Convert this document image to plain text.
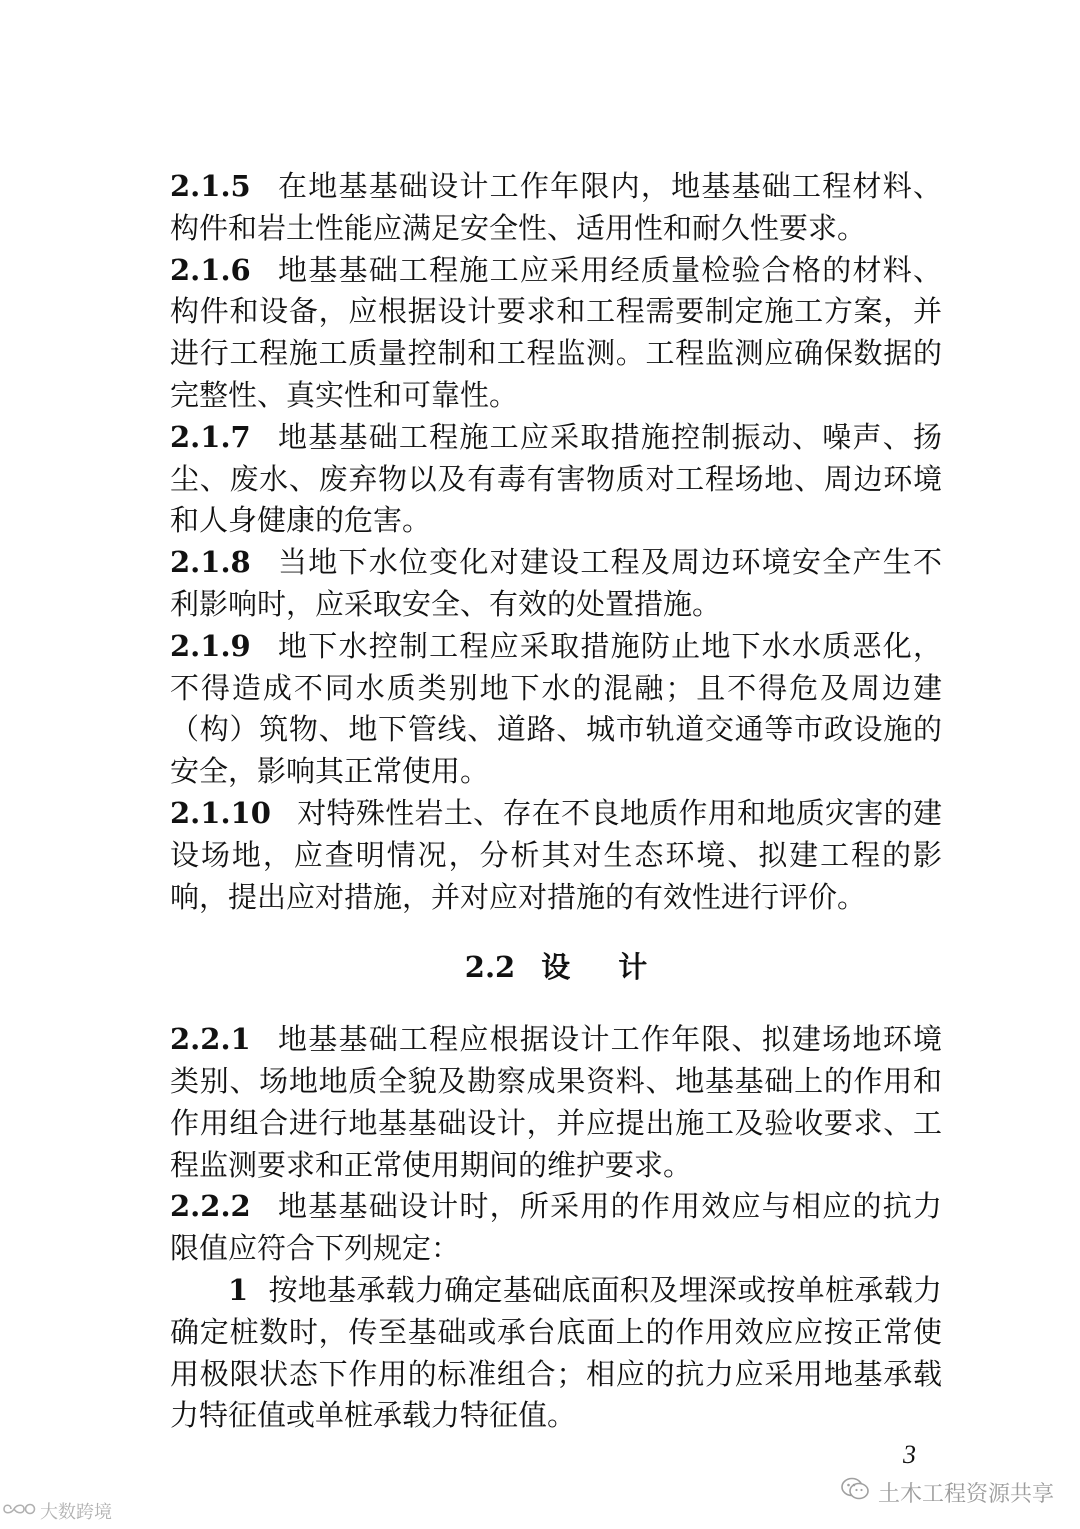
2.1.5 在地基基础设计工作年限内，地基基础工程材料、构件和岩土性能应满足安全性、适用性和耐久性要求。

2.1.6 地基基础工程施工应采用经质量检验合格的材料、构件和设备，应根据设计要求和工程需要制定施工方案，并进行工程施工质量控制和工程监测。工程监测应确保数据的完整性、真实性和可靠性。

2.1.7 地基基础工程施工应采取措施控制振动、噪声、扬尘、废水、废弃物以及有毒有害物质对工程场地、周边环境和人身健康的危害。

2.1.8 当地下水位变化对建设工程及周边环境安全产生不利影响时，应采取安全、有效的处置措施。

2.1.9 地下水控制工程应采取措施防止地下水水质恶化，不得造成不同水质类别地下水的混融；且不得危及周边建（构）筑物、地下管线、道路、城市轨道交通等市政设施的安全，影响其正常使用。

2.1.10 对特殊性岩土、存在不良地质作用和地质灾害的建设场地，应查明情况，分析其对生态环境、拟建工程的影响，提出应对措施，并对应对措施的有效性进行评价。

2.2 设计

2.2.1 地基基础工程应根据设计工作年限、拟建场地环境类别、场地地质全貌及勘察成果资料、地基基础上的作用和作用组合进行地基基础设计，并应提出施工及验收要求、工程监测要求和正常使用期间的维护要求。

2.2.2 地基基础设计时，所采用的作用效应与相应的抗力限值应符合下列规定：

1 按地基承载力确定基础底面积及埋深或按单桩承载力确定桩数时，传至基础或承台底面上的作用效应应按正常使用极限状态下作用的标准组合；相应的抗力应采用地基承载力特征值或单桩承载力特征值。

3
土木工程资源共享
大数跨境
